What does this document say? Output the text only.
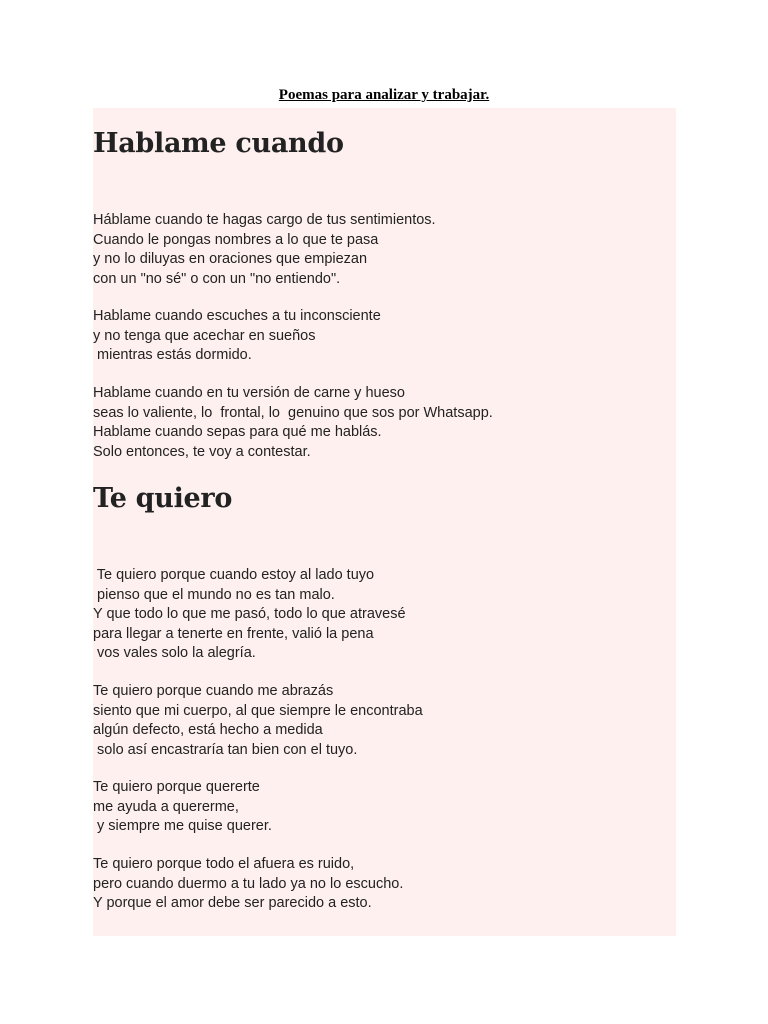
Poemas para analizar y trabajar.
Hablame cuando

Háblame cuando te hagas cargo de tus sentimientos.
Cuando le pongas nombres a lo que te pasa
y no lo diluyas en oraciones que empiezan
con un "no sé" o con un "no entiendo".

Hablame cuando escuches a tu inconsciente
y no tenga que acechar en sueños
mientras estás dormido.

Hablame cuando en tu versión de carne y hueso
seas lo valiente, lo  frontal, lo  genuino que sos por Whatsapp.
Hablame cuando sepas para qué me hablás.
Solo entonces, te voy a contestar.

Te quiero

Te quiero porque cuando estoy al lado tuyo
pienso que el mundo no es tan malo.
Y que todo lo que me pasó, todo lo que atravesé
para llegar a tenerte en frente, valió la pena
vos vales solo la alegría.

Te quiero porque cuando me abrazás
siento que mi cuerpo, al que siempre le encontraba
algún defecto, está hecho a medida
solo así encastraría tan bien con el tuyo.

Te quiero porque quererte
me ayuda a quererme,
y siempre me quise querer.

Te quiero porque todo el afuera es ruido,
pero cuando duermo a tu lado ya no lo escucho.
Y porque el amor debe ser parecido a esto.
